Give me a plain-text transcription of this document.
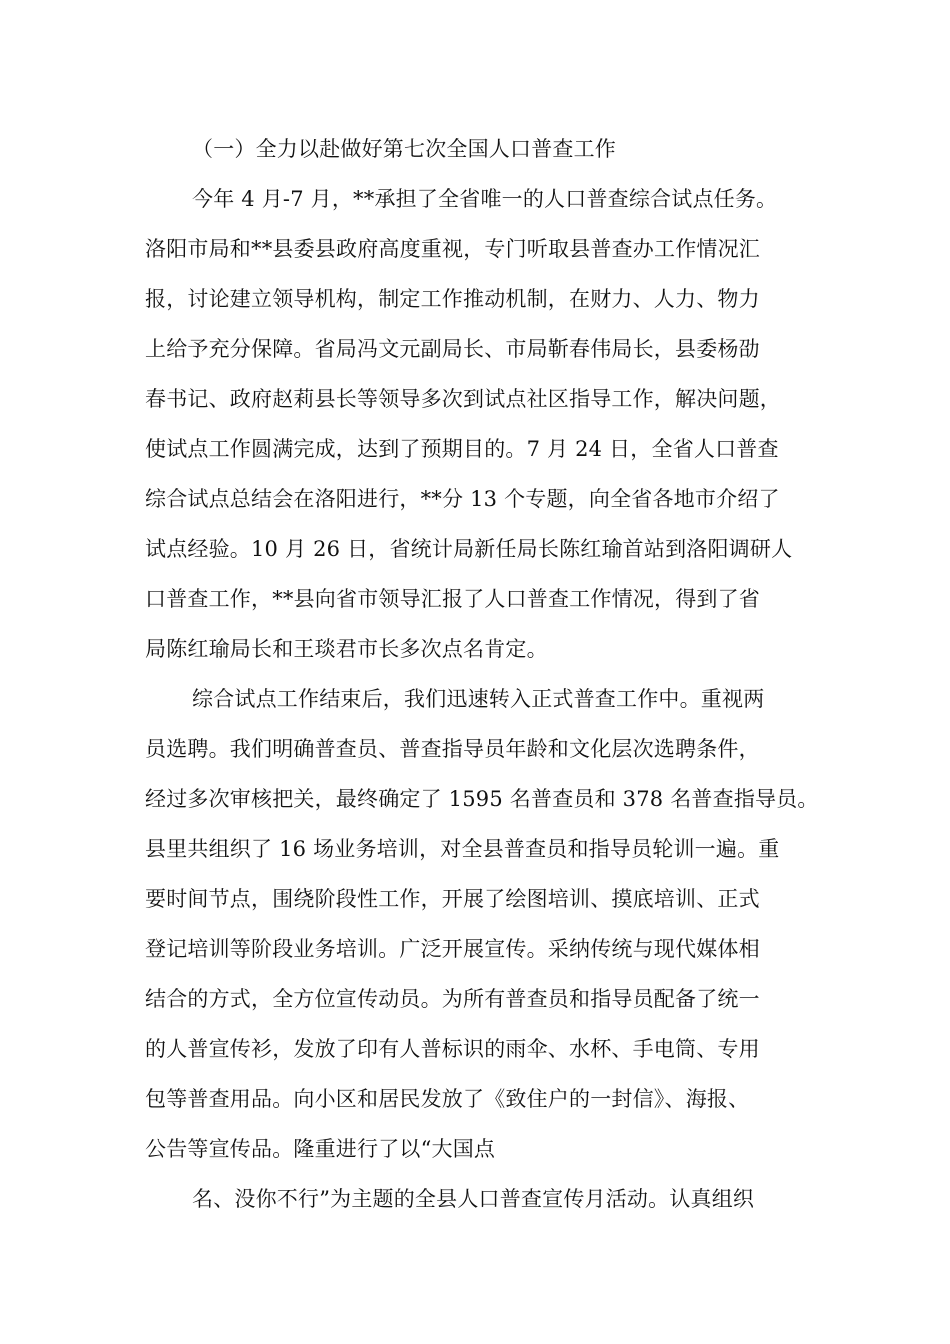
（一）全力以赴做好第七次全国人口普查工作
今年 4 月-7 月，**承担了全省唯一的人口普查综合试点任务。
洛阳市局和**县委县政府高度重视，专门听取县普查办工作情况汇
报，讨论建立领导机构，制定工作推动机制，在财力、人力、物力
上给予充分保障。省局冯文元副局长、市局靳春伟局长，县委杨劭
春书记、政府赵莉县长等领导多次到试点社区指导工作，解决问题，
使试点工作圆满完成，达到了预期目的。7 月 24 日，全省人口普查
综合试点总结会在洛阳进行，**分 13 个专题，向全省各地市介绍了
试点经验。10 月 26 日，省统计局新任局长陈红瑜首站到洛阳调研人
口普查工作，**县向省市领导汇报了人口普查工作情况，得到了省
局陈红瑜局长和王琰君市长多次点名肯定。
综合试点工作结束后，我们迅速转入正式普查工作中。重视两
员选聘。我们明确普查员、普查指导员年龄和文化层次选聘条件，
经过多次审核把关，最终确定了 1595 名普查员和 378 名普查指导员。
县里共组织了 16 场业务培训，对全县普查员和指导员轮训一遍。重
要时间节点，围绕阶段性工作，开展了绘图培训、摸底培训、正式
登记培训等阶段业务培训。广泛开展宣传。采纳传统与现代媒体相
结合的方式，全方位宣传动员。为所有普查员和指导员配备了统一
的人普宣传衫，发放了印有人普标识的雨伞、水杯、手电筒、专用
包等普查用品。向小区和居民发放了《致住户的一封信》、海报、
公告等宣传品。隆重进行了以“大国点
名、没你不行”为主题的全县人口普查宣传月活动。认真组织
